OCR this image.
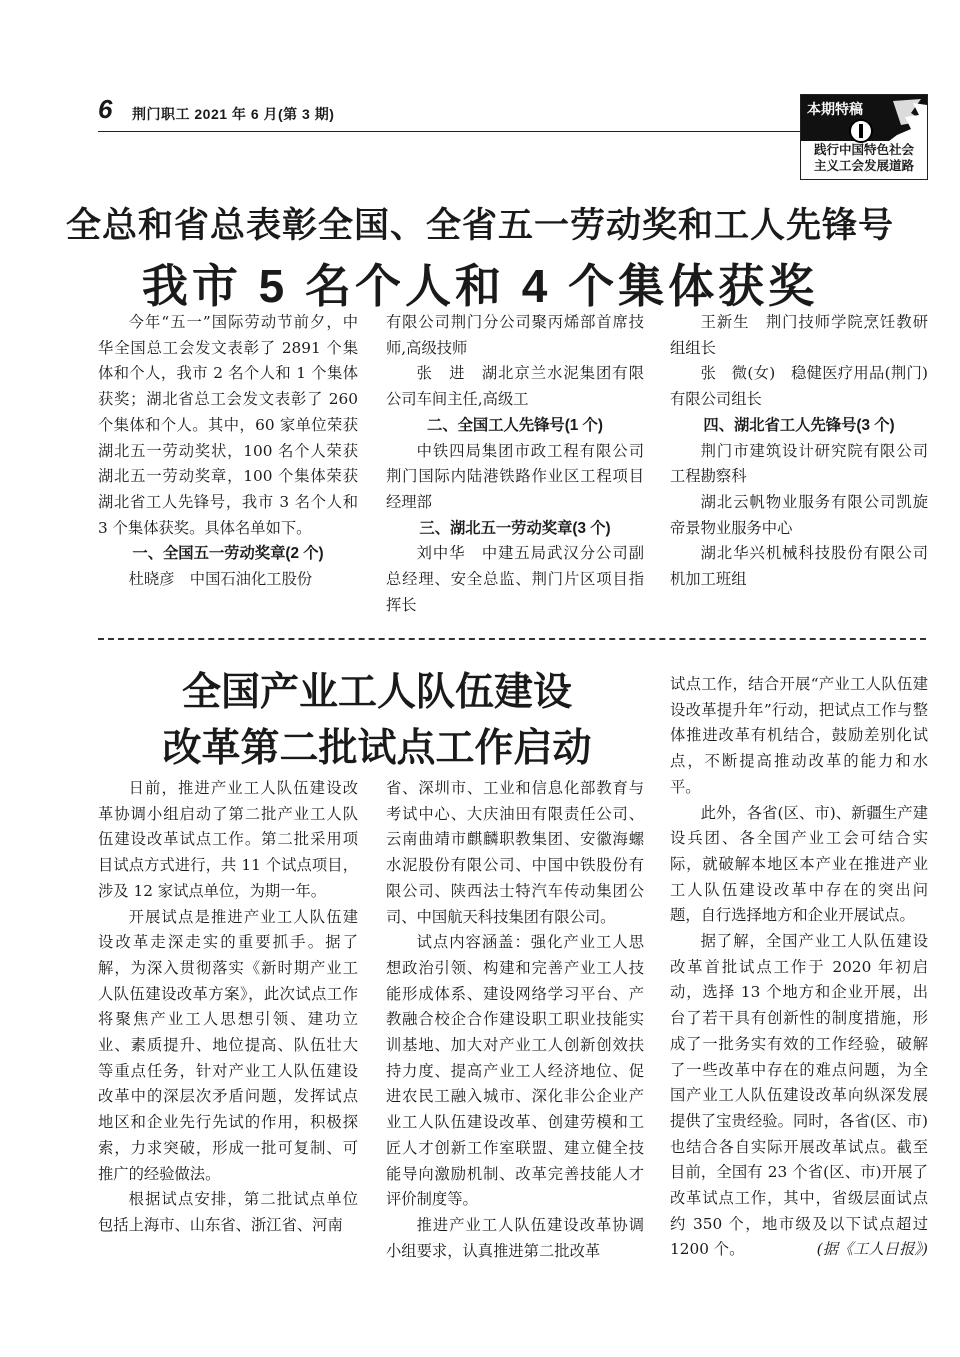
6 荆门职工 2021 年 6 月(第 3 期)	本期特稿
践行中国特色社会
主义工会发展道路
全总和省总表彰全国、全省五一劳动奖和工人先锋号
我市 5 名个人和 4 个集体获奖

今年“五一”国际劳动节前夕，中华全国总工会发文表彰了 2891 个集体和个人，我市 2 名个人和 1 个集体获奖；湖北省总工会发文表彰了 260 个集体和个人。其中，60 家单位荣获湖北五一劳动奖状，100 名个人荣获湖北五一劳动奖章，100 个集体荣获湖北省工人先锋号，我市 3 名个人和 3 个集体获奖。具体名单如下。

一、全国五一劳动奖章(2 个)

杜晓彦　中国石油化工股份

有限公司荆门分公司聚丙烯部首席技师,高级技师

张　进　湖北京兰水泥集团有限公司车间主任,高级工

二、全国工人先锋号(1 个)

中铁四局集团市政工程有限公司荆门国际内陆港铁路作业区工程项目经理部

三、湖北五一劳动奖章(3 个)

刘中华　中建五局武汉分公司副总经理、安全总监、荆门片区项目指挥长

王新生　荆门技师学院烹饪教研组组长

张　微(女)　稳健医疗用品(荆门)有限公司组长

四、湖北省工人先锋号(3 个)

荆门市建筑设计研究院有限公司工程勘察科

湖北云帆物业服务有限公司凯旋帝景物业服务中心

湖北华兴机械科技股份有限公司机加工班组

全国产业工人队伍建设
改革第二批试点工作启动

日前，推进产业工人队伍建设改革协调小组启动了第二批产业工人队伍建设改革试点工作。第二批采用项目试点方式进行，共 11 个试点项目，涉及 12 家试点单位，为期一年。

开展试点是推进产业工人队伍建设改革走深走实的重要抓手。据了解，为深入贯彻落实《新时期产业工人队伍建设改革方案》，此次试点工作将聚焦产业工人思想引领、建功立业、素质提升、地位提高、队伍壮大等重点任务，针对产业工人队伍建设改革中的深层次矛盾问题，发挥试点地区和企业先行先试的作用，积极探索，力求突破，形成一批可复制、可推广的经验做法。

根据试点安排，第二批试点单位包括上海市、山东省、浙江省、河南

省、深圳市、工业和信息化部教育与考试中心、大庆油田有限责任公司、云南曲靖市麒麟职教集团、安徽海螺水泥股份有限公司、中国中铁股份有限公司、陕西法士特汽车传动集团公司、中国航天科技集团有限公司。

试点内容涵盖：强化产业工人思想政治引领、构建和完善产业工人技能形成体系、建设网络学习平台、产教融合校企合作建设职工职业技能实训基地、加大对产业工人创新创效扶持力度、提高产业工人经济地位、促进农民工融入城市、深化非公企业产业工人队伍建设改革、创建劳模和工匠人才创新工作室联盟、建立健全技能导向激励机制、改革完善技能人才评价制度等。

推进产业工人队伍建设改革协调小组要求，认真推进第二批改革

试点工作，结合开展“产业工人队伍建设改革提升年”行动，把试点工作与整体推进改革有机结合，鼓励差别化试点，不断提高推动改革的能力和水平。

此外，各省(区、市)、新疆生产建设兵团、各全国产业工会可结合实际，就破解本地区本产业在推进产业工人队伍建设改革中存在的突出问题，自行选择地方和企业开展试点。

据了解，全国产业工人队伍建设改革首批试点工作于 2020 年初启动，选择 13 个地方和企业开展，出台了若干具有创新性的制度措施，形成了一批务实有效的工作经验，破解了一些改革中存在的难点问题，为全国产业工人队伍建设改革向纵深发展提供了宝贵经验。同时，各省(区、市)也结合各自实际开展改革试点。截至目前，全国有 23 个省(区、市)开展了改革试点工作，其中，省级层面试点约 350 个，地市级及以下试点超过 1200 个。	(据《工人日报》)
